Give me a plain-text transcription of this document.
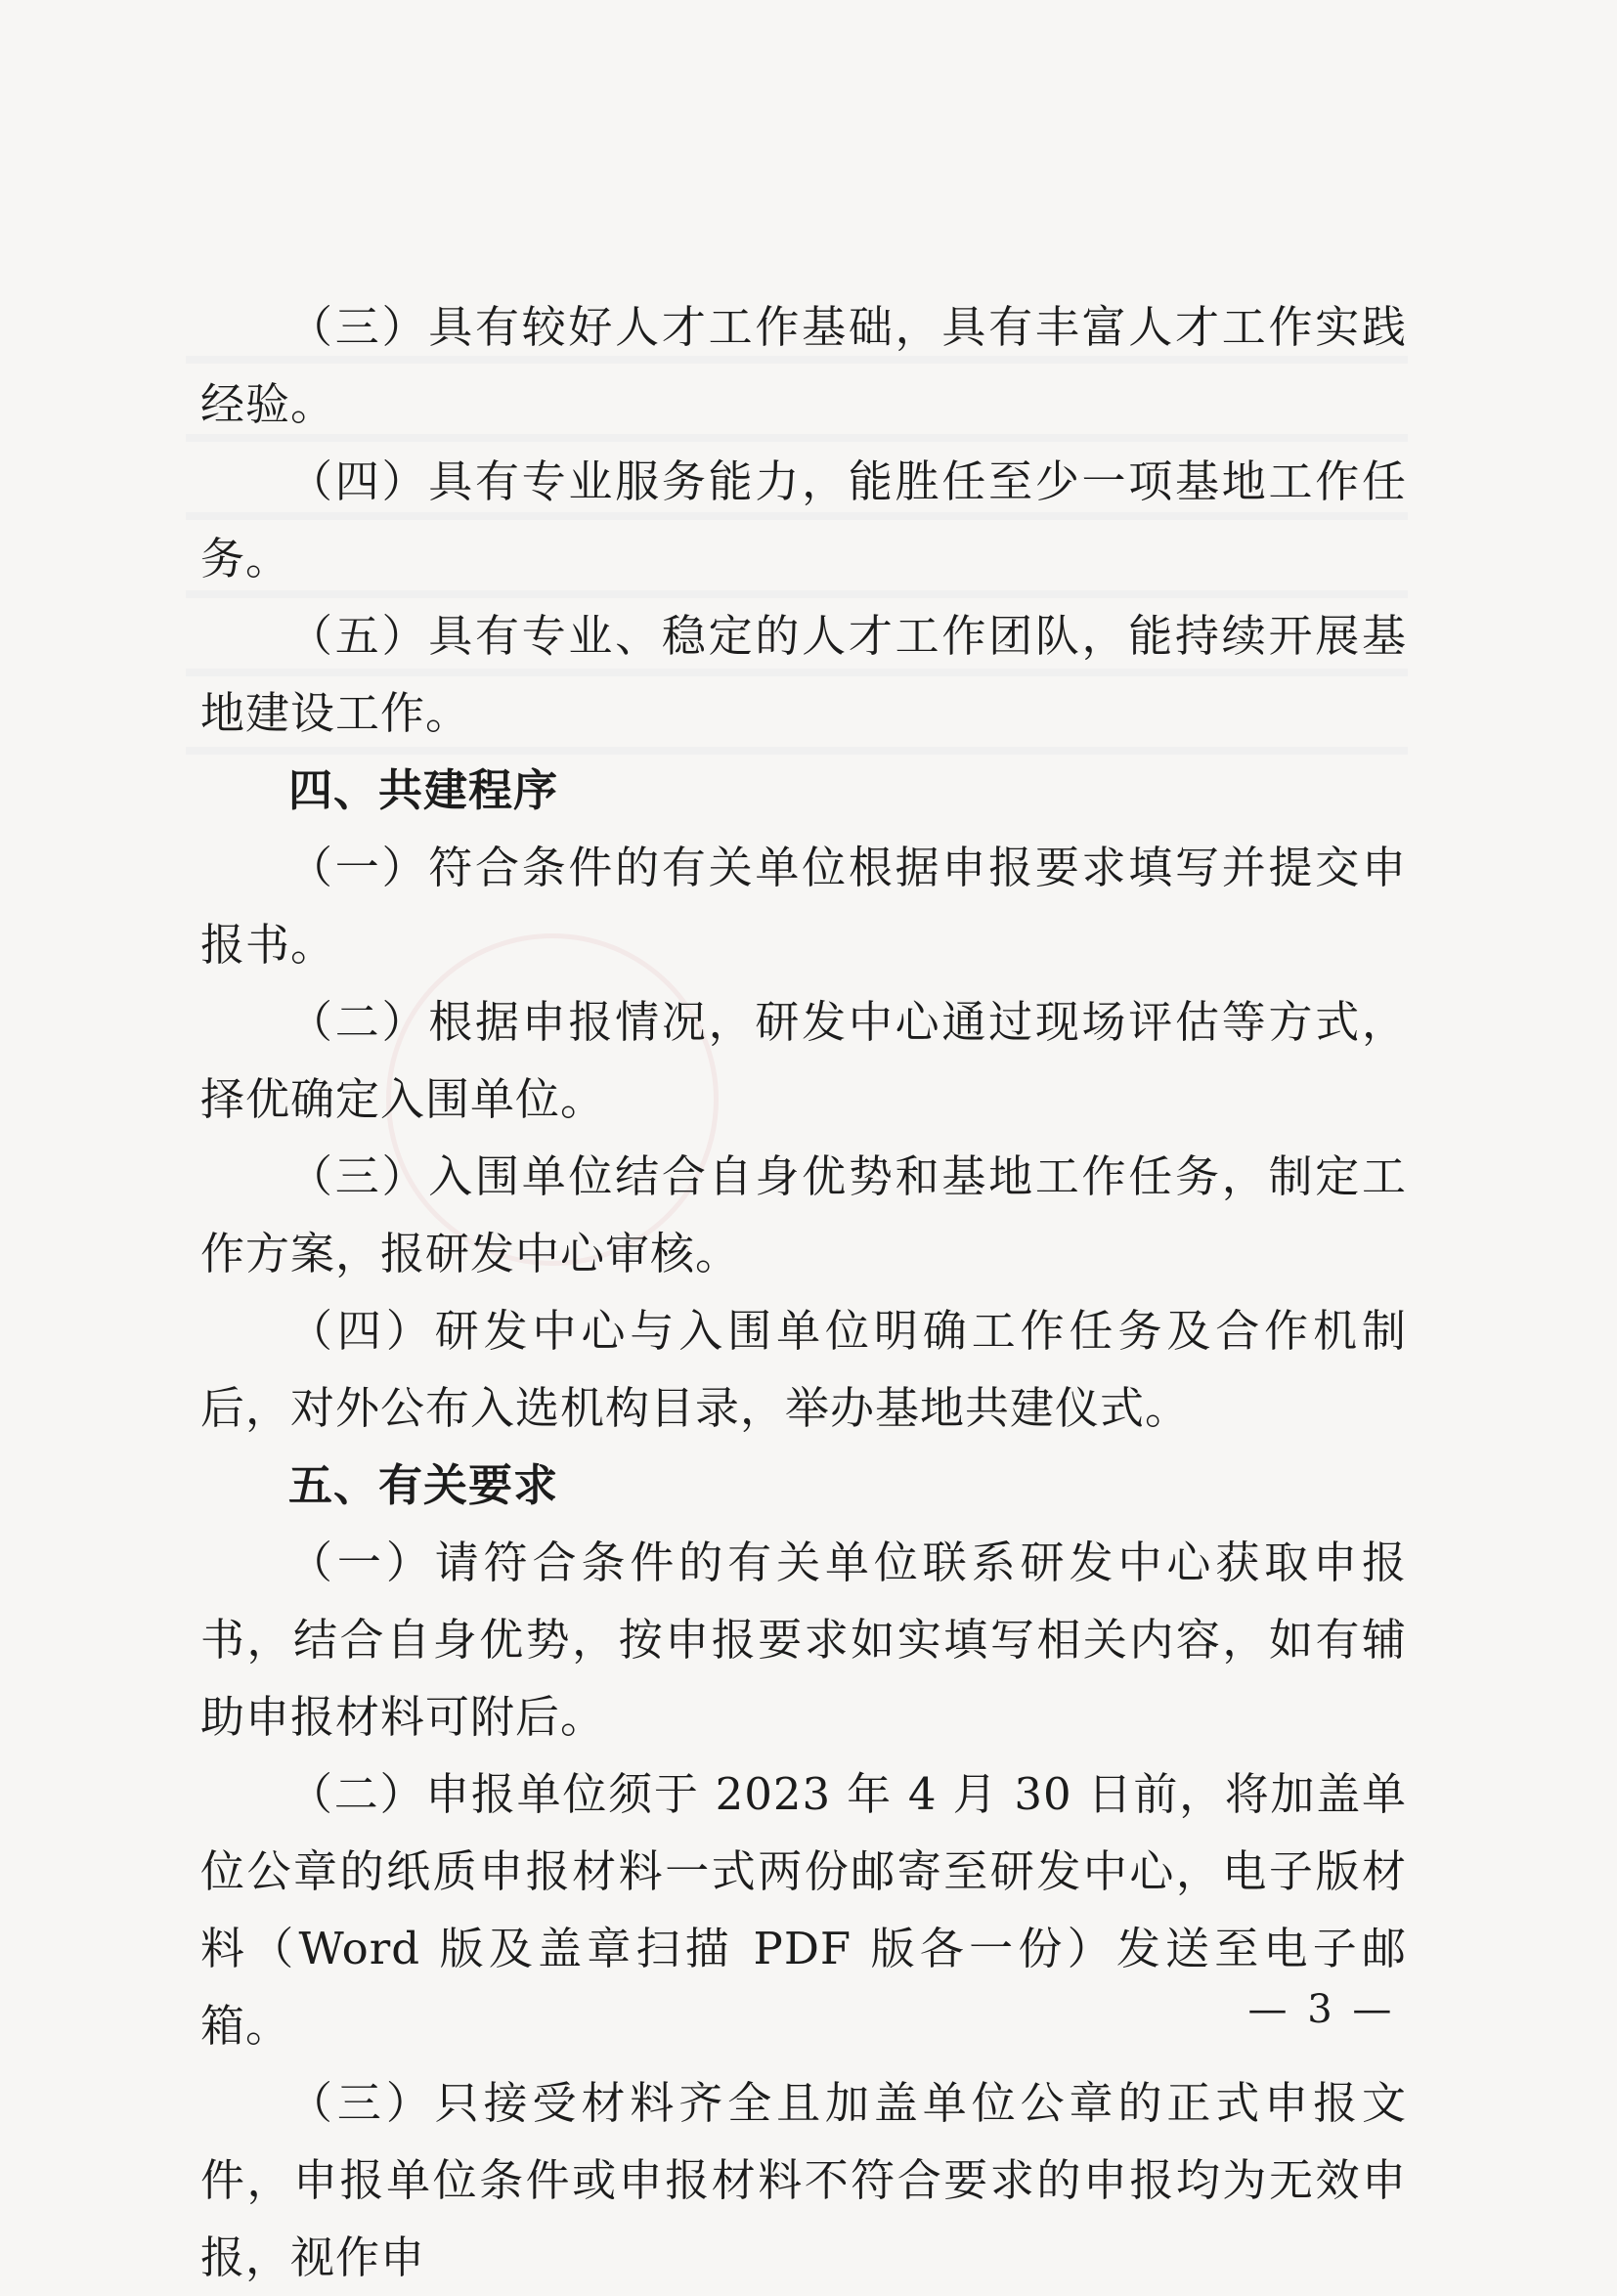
（三）具有较好人才工作基础，具有丰富人才工作实践经验。

（四）具有专业服务能力，能胜任至少一项基地工作任务。

（五）具有专业、稳定的人才工作团队，能持续开展基地建设工作。

四、共建程序

（一）符合条件的有关单位根据申报要求填写并提交申报书。

（二）根据申报情况，研发中心通过现场评估等方式，择优确定入围单位。

（三）入围单位结合自身优势和基地工作任务，制定工作方案，报研发中心审核。

（四）研发中心与入围单位明确工作任务及合作机制后，对外公布入选机构目录，举办基地共建仪式。

五、有关要求

（一）请符合条件的有关单位联系研发中心获取申报书，结合自身优势，按申报要求如实填写相关内容，如有辅助申报材料可附后。

（二）申报单位须于 2023 年 4 月 30 日前，将加盖单位公章的纸质申报材料一式两份邮寄至研发中心，电子版材料（Word 版及盖章扫描 PDF 版各一份）发送至电子邮箱。

（三）只接受材料齐全且加盖单位公章的正式申报文件，申报单位条件或申报材料不符合要求的申报均为无效申报，视作申

— 3 —
